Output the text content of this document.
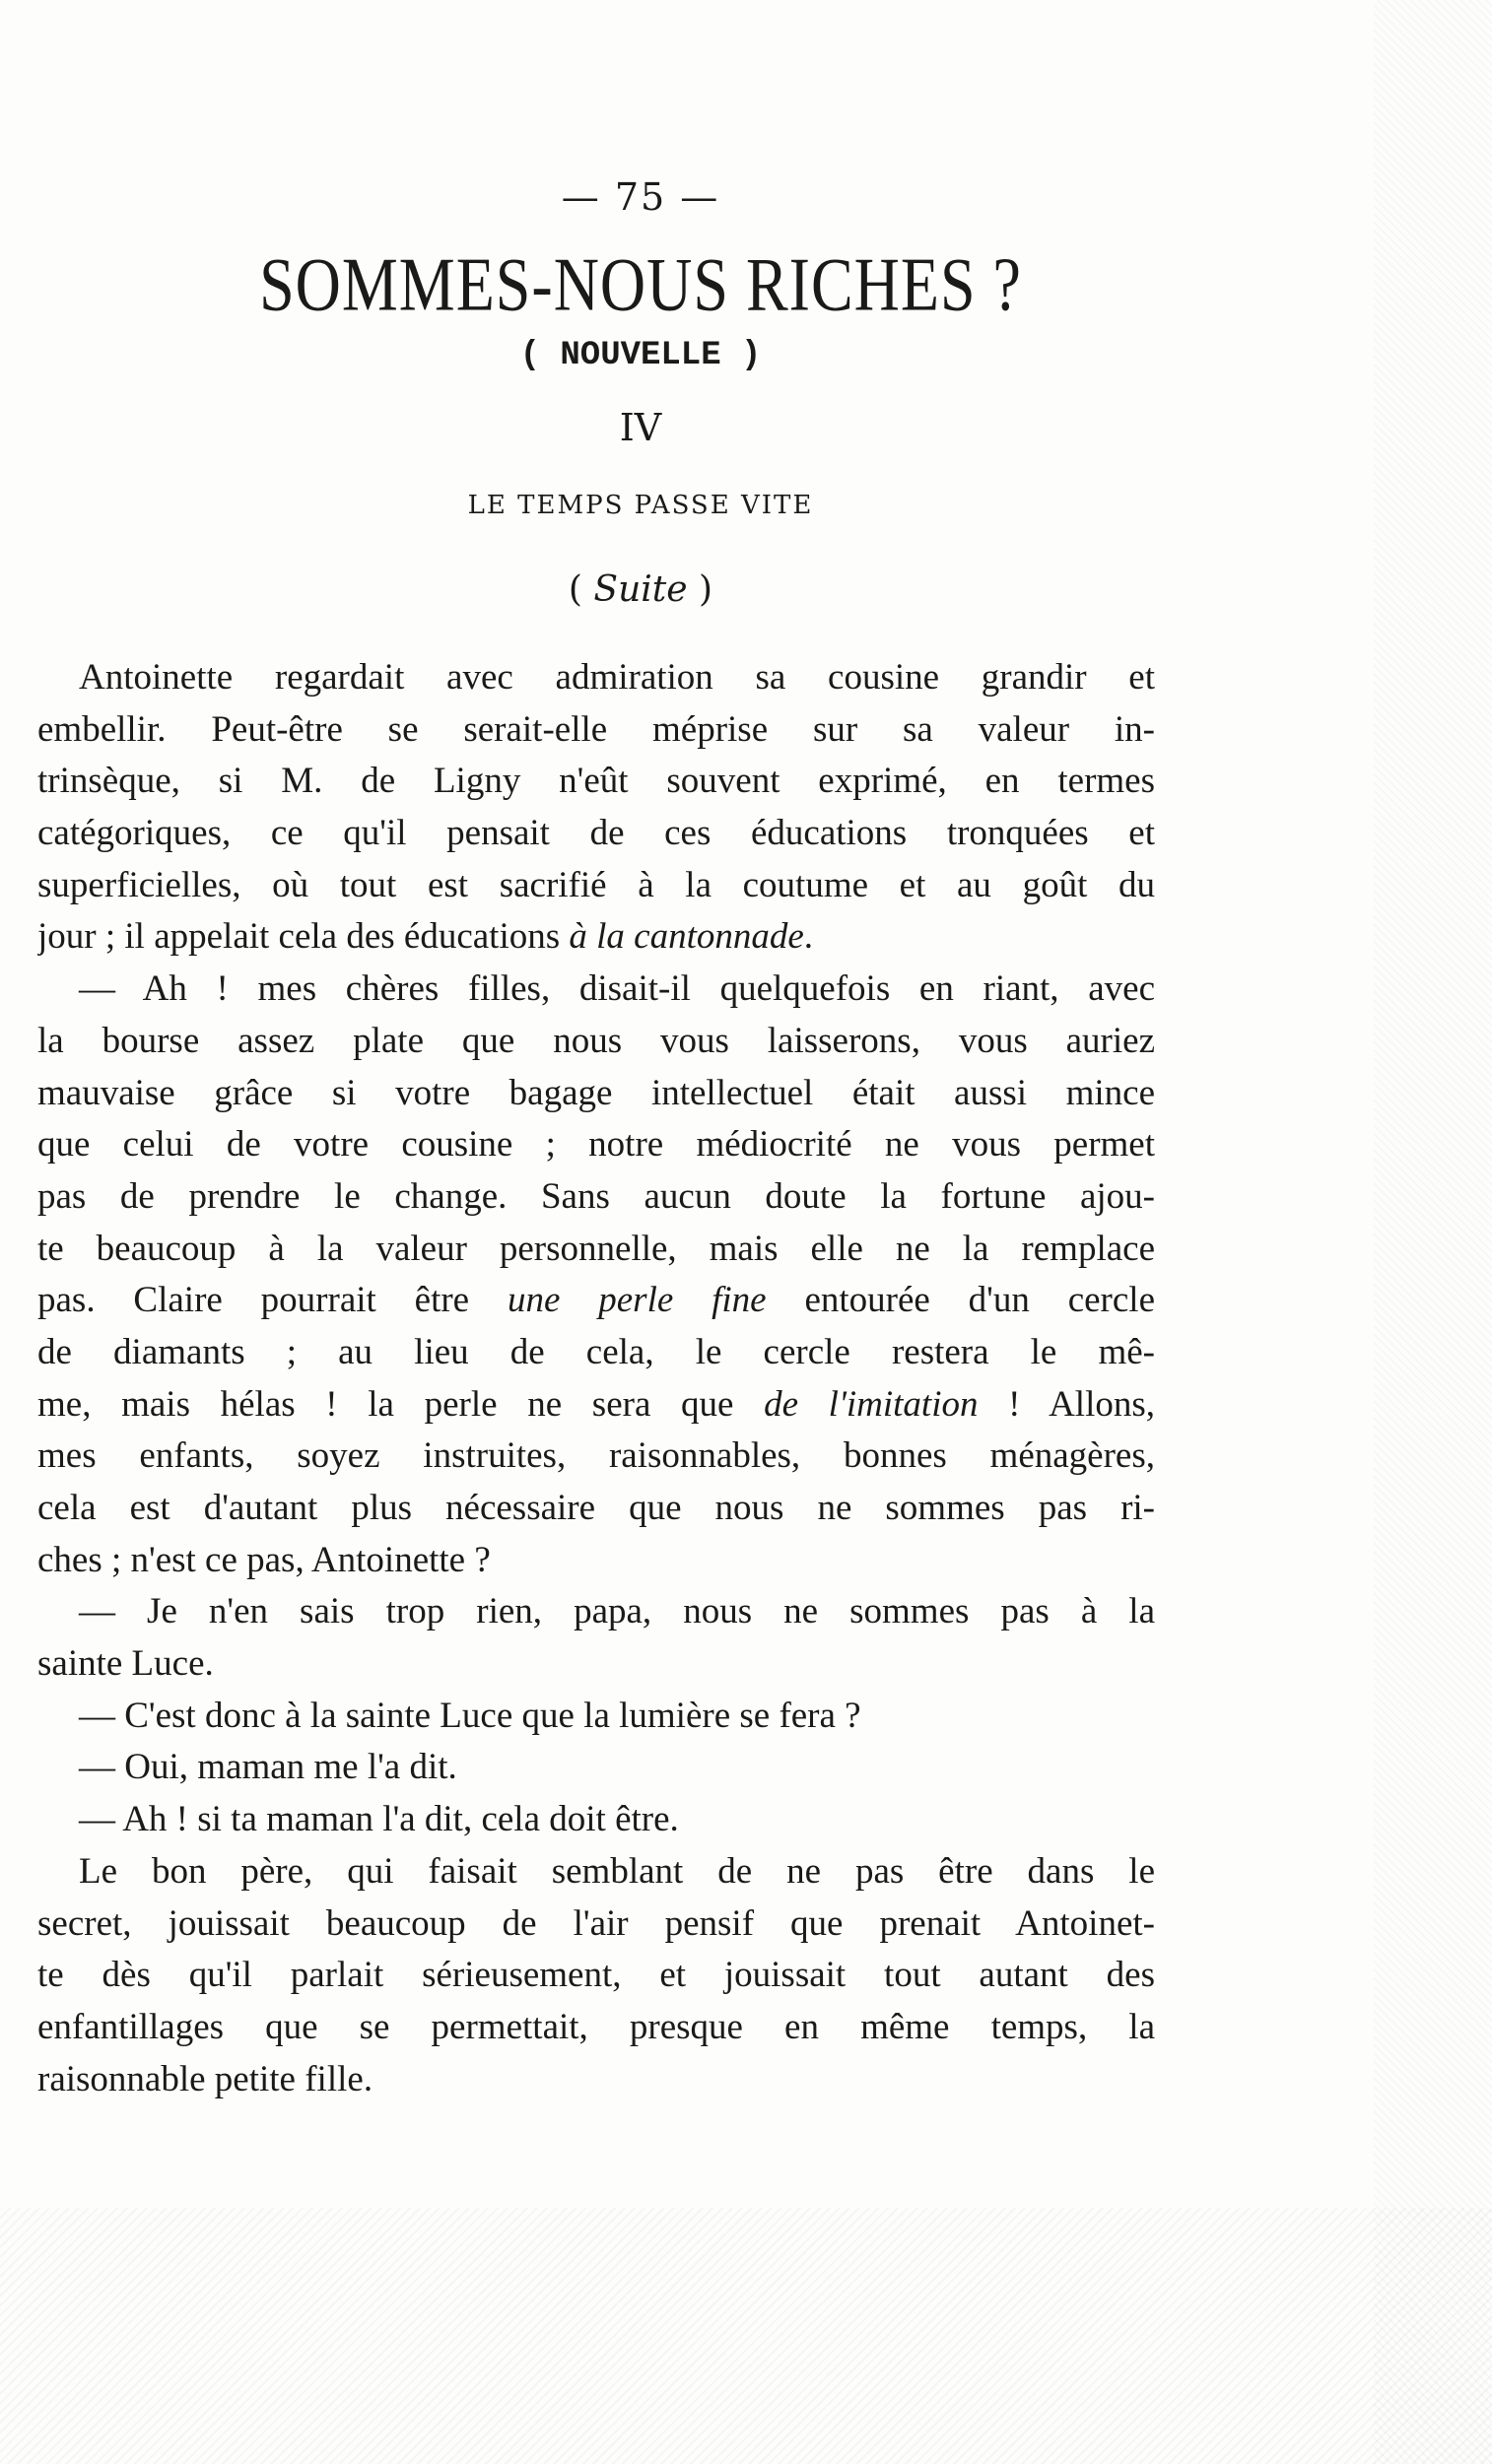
— 75 —
SOMMES-NOUS RICHES ?
( NOUVELLE )
IV
LE TEMPS PASSE VITE
( Suite )
Antoinette regardait avec admiration sa cousine grandir et
embellir. Peut-être se serait-elle méprise sur sa valeur in-
trinsèque, si M. de Ligny n'eût souvent exprimé, en termes
catégoriques, ce qu'il pensait de ces éducations tronquées et
superficielles, où tout est sacrifié à la coutume et au goût du
jour ; il appelait cela des éducations à la cantonnade.
— Ah ! mes chères filles, disait-il quelquefois en riant, avec
la bourse assez plate que nous vous laisserons, vous auriez
mauvaise grâce si votre bagage intellectuel était aussi mince
que celui de votre cousine ; notre médiocrité ne vous permet
pas de prendre le change. Sans aucun doute la fortune ajou-
te beaucoup à la valeur personnelle, mais elle ne la remplace
pas. Claire pourrait être une perle fine entourée d'un cercle
de diamants ; au lieu de cela, le cercle restera le mê-
me, mais hélas ! la perle ne sera que de l'imitation ! Allons,
mes enfants, soyez instruites, raisonnables, bonnes ménagères,
cela est d'autant plus nécessaire que nous ne sommes pas ri-
ches ; n'est ce pas, Antoinette ?
— Je n'en sais trop rien, papa, nous ne sommes pas à la
sainte Luce.
— C'est donc à la sainte Luce que la lumière se fera ?
— Oui, maman me l'a dit.
— Ah ! si ta maman l'a dit, cela doit être.
Le bon père, qui faisait semblant de ne pas être dans le
secret, jouissait beaucoup de l'air pensif que prenait Antoinet-
te dès qu'il parlait sérieusement, et jouissait tout autant des
enfantillages que se permettait, presque en même temps, la
raisonnable petite fille.
